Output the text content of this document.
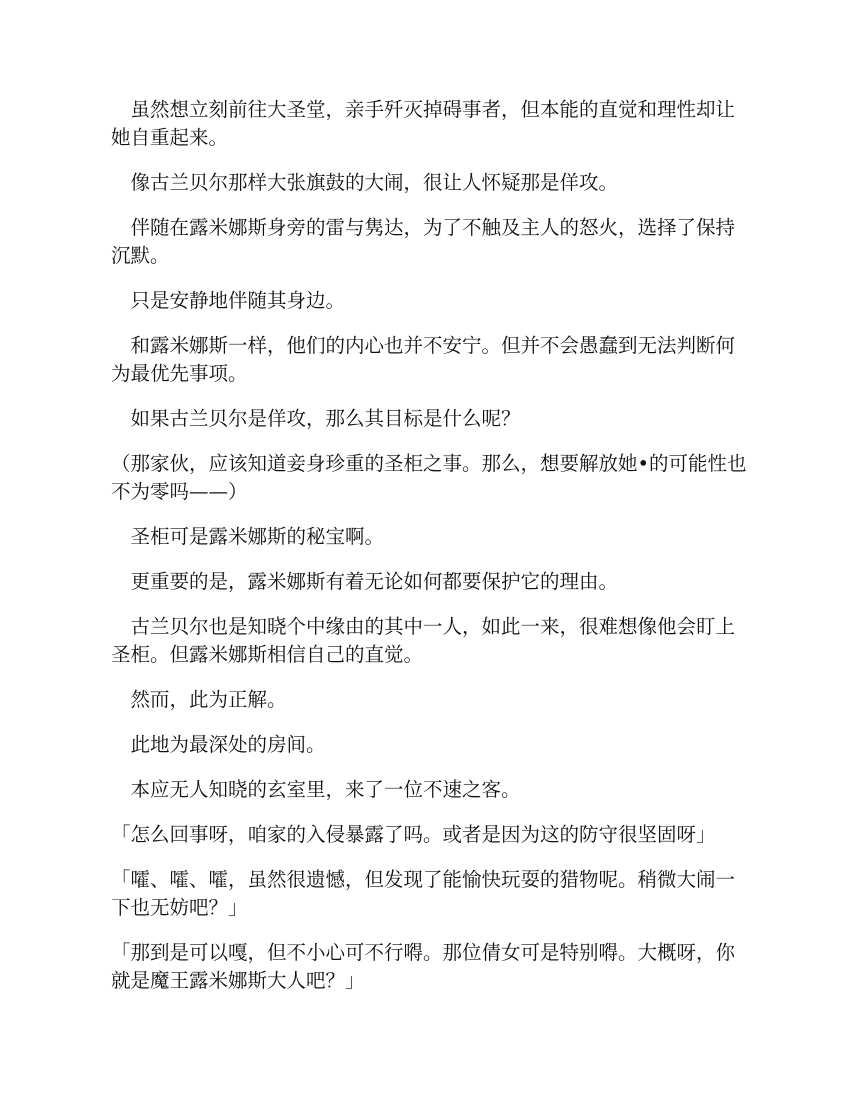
　虽然想立刻前往大圣堂，亲手歼灭掉碍事者，但本能的直觉和理性却让她自重起来。

　像古兰贝尔那样大张旗鼓的大闹，很让人怀疑那是佯攻。

　伴随在露米娜斯身旁的雷与隽达，为了不触及主人的怒火，选择了保持沉默。

　只是安静地伴随其身边。

　和露米娜斯一样，他们的内心也并不安宁。但并不会愚蠢到无法判断何为最优先事项。

　如果古兰贝尔是佯攻，那么其目标是什么呢？

（那家伙，应该知道妾身珍重的圣柜之事。那么，想要解放她•的可能性也不为零吗——）

　圣柜可是露米娜斯的秘宝啊。

　更重要的是，露米娜斯有着无论如何都要保护它的理由。

　古兰贝尔也是知晓个中缘由的其中一人，如此一来，很难想像他会盯上圣柜。但露米娜斯相信自己的直觉。

　然而，此为正解。

　此地为最深处的房间。

　本应无人知晓的玄室里，来了一位不速之客。

「怎么回事呀，咱家的入侵暴露了吗。或者是因为这的防守很坚固呀」

「嚯、嚯、嚯，虽然很遗憾，但发现了能愉快玩耍的猎物呢。稍微大闹一下也无妨吧？」

「那到是可以嘎，但不小心可不行嘚。那位倩女可是特别嘚。大概呀，你就是魔王露米娜斯大人吧？」
